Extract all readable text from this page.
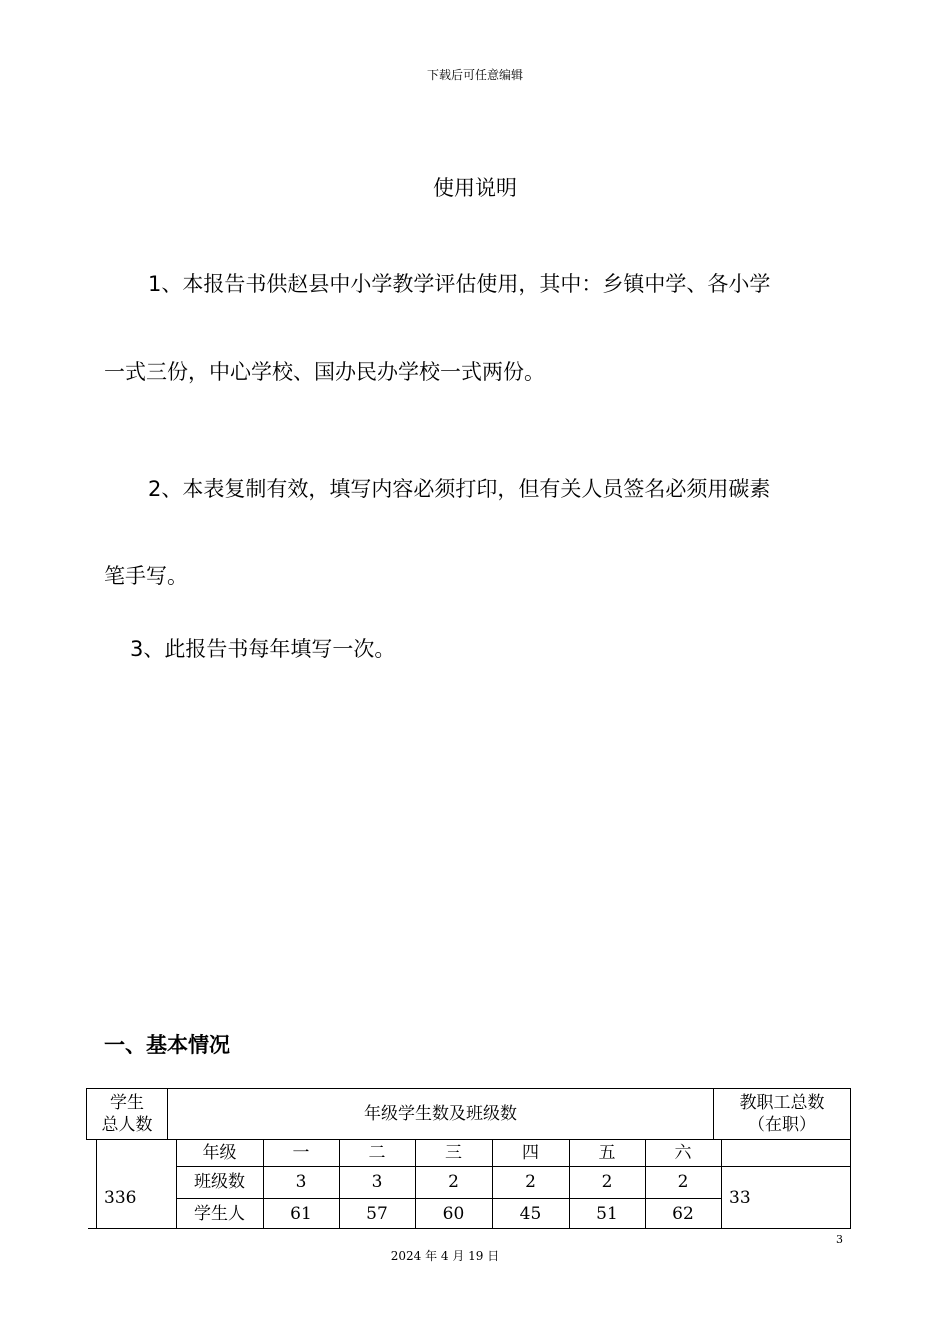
下载后可任意编辑
使用说明
1、本报告书供赵县中小学教学评估使用，其中：乡镇中学、各小学
一式三份，中心学校、国办民办学校一式两份。
2、本表复制有效，填写内容必须打印，但有关人员签名必须用碳素
笔手写。
3、此报告书每年填写一次。
一、基本情况
学生
总人数
年级学生数及班级数
教职工总数
（在职）
年级	一	二	三	四	五	六
班级数	3	3	2	2	2	2
学生人	61	57	60	45	51	62
336	33
3
2024 年 4 月 19 日
